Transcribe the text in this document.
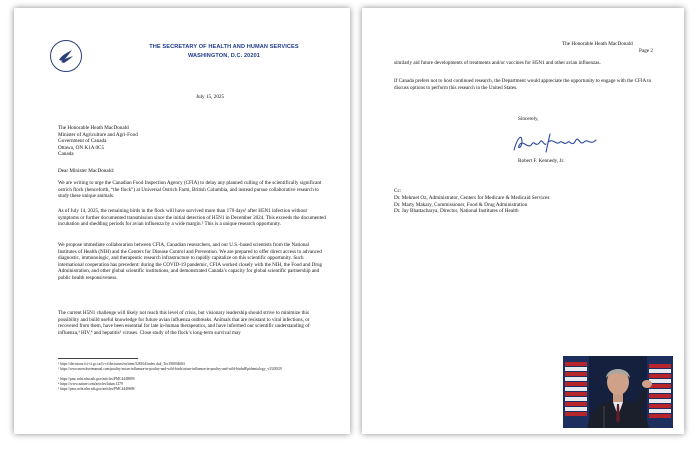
THE SECRETARY OF HEALTH AND HUMAN SERVICES
WASHINGTON, D.C. 20201
July 15, 2025
The Honorable Heath MacDonald
Minister of Agriculture and Agri-Food
Government of Canada
Ottawa, ON K1A 0C5
Canada
Dear Minister MacDonald:
We are writing to urge the Canadian Food Inspection Agency (CFIA) to delay any planned culling of the scientifically significant ostrich flock (henceforth, “the flock”) at Universal Ostrich Farm, British Columbia, and instead pursue collaborative research to study these unique animals.
As of July 14, 2025, the remaining birds in the flock will have survived more than 170 days¹ after H5N1 infection without symptoms or further documented transmission since the initial detection of H5N1 in December 2024. This exceeds the documented incubation and shedding periods for avian influenza by a wide margin.² This is a unique research opportunity.
We propose immediate collaboration between CFIA, Canadian researchers, and our U.S.-based scientists from the National Institutes of Health (NIH) and the Centers for Disease Control and Prevention. We are prepared to offer direct access to advanced diagnostic, immunologic, and therapeutic research infrastructure to rapidly capitalize on this scientific opportunity. Such international cooperation has precedent: during the COVID-19 pandemic, CFIA worked closely with the NIH, the Food and Drug Administration, and other global scientific institutions, and demonstrated Canada’s capacity for global scientific partnership and public health responsiveness.
The current H5N1 challenge will likely not reach this level of crisis, but visionary leadership should strive to minimize this possibility and build useful knowledge for future avian influenza outbreaks. Animals that are resistant to viral infections, or recovered from them, have been essential for late in-human therapeutics, and have informed our scientific understanding of influenza,³ HIV,⁴ and hepatitis⁵ viruses. Close study of the flock’s long-term survival may
¹ https://decisions.fct-cf.gc.ca/fc-cf/decisions/en/item/528164/index.do#_Toc198034684
² https://www.merckvetmanual.com/poultry/avian-influenza-in-poultry-and-wild-birds/avian-influenza-in-poultry-and-wild-birds#Epidemiology_v3343929
³ https://pmc.ncbi.nlm.nih.gov/articles/PMC4448699/
⁴ https://www.nature.com/articles/lahan.1279
⁵ https://pmc.ncbi.nlm.nih.gov/articles/PMC4448699/
The Honorable Heath MacDonald
Page 2
similarly aid future developments of treatments and/or vaccines for H5N1 and other avian influenzas.
If Canada prefers not to host continued research, the Department would appreciate the opportunity to engage with the CFIA to discuss options to perform this research in the United States.
Sincerely,
Robert F. Kennedy, Jr.
Cc:
Dr. Mehmet Oz, Administrator, Centers for Medicare & Medicaid Services
Dr. Marty Makary, Commissioner, Food & Drug Administration
Dr. Jay Bhattacharya, Director, National Institutes of Health
